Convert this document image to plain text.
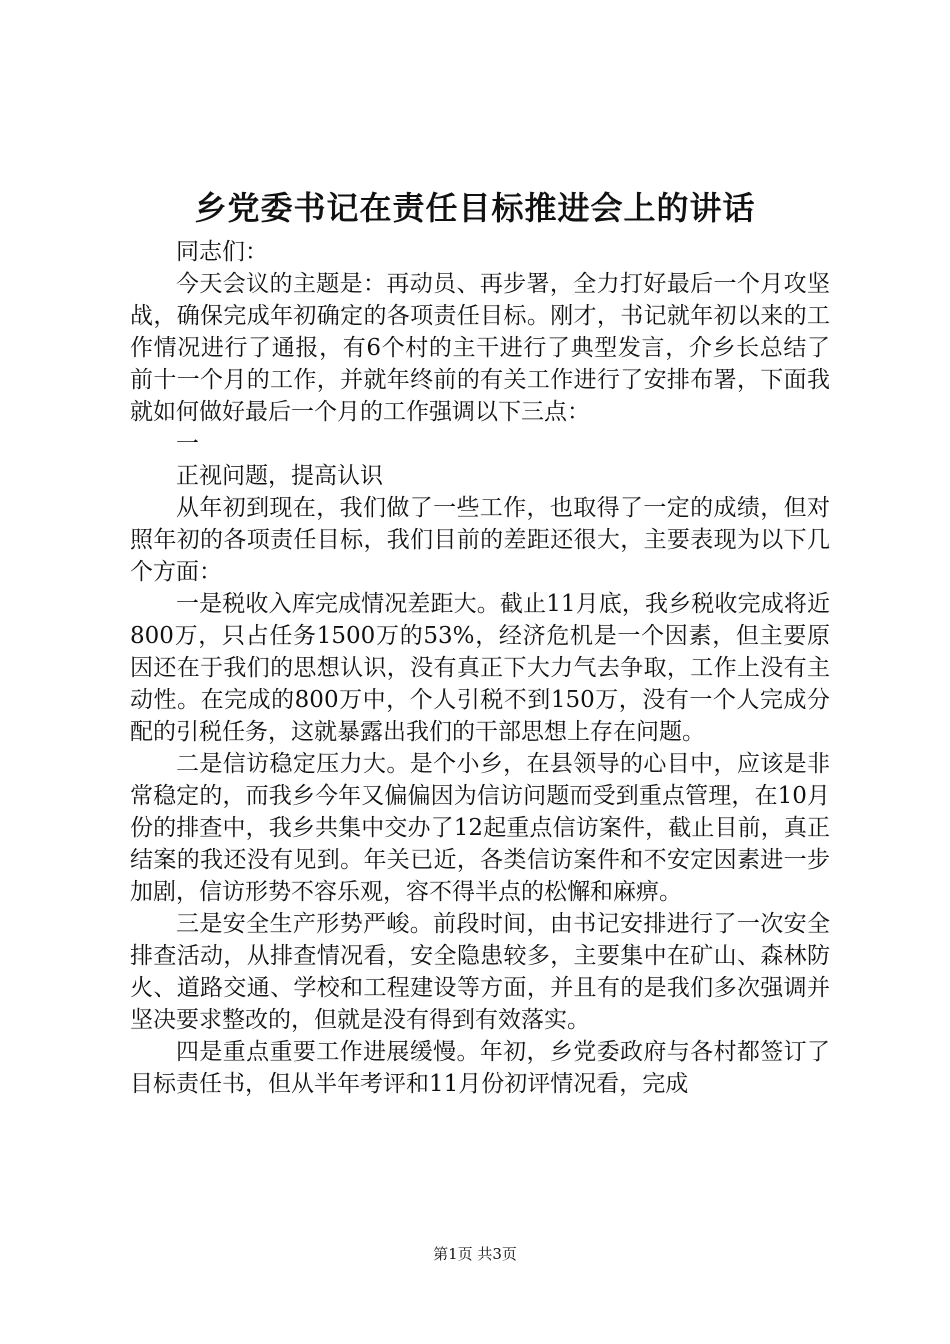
乡党委书记在责任目标推进会上的讲话

同志们：

今天会议的主题是：再动员、再步署，全力打好最后一个月攻坚战，确保完成年初确定的各项责任目标。刚才，书记就年初以来的工作情况进行了通报，有6个村的主干进行了典型发言，介乡长总结了前十一个月的工作，并就年终前的有关工作进行了安排布署，下面我就如何做好最后一个月的工作强调以下三点：

一

正视问题，提高认识

从年初到现在，我们做了一些工作，也取得了一定的成绩，但对照年初的各项责任目标，我们目前的差距还很大，主要表现为以下几个方面：

一是税收入库完成情况差距大。截止11月底，我乡税收完成将近800万，只占任务1500万的53%，经济危机是一个因素，但主要原因还在于我们的思想认识，没有真正下大力气去争取，工作上没有主动性。在完成的800万中，个人引税不到150万，没有一个人完成分配的引税任务，这就暴露出我们的干部思想上存在问题。

二是信访稳定压力大。是个小乡，在县领导的心目中，应该是非常稳定的，而我乡今年又偏偏因为信访问题而受到重点管理，在10月份的排查中，我乡共集中交办了12起重点信访案件，截止目前，真正结案的我还没有见到。年关已近，各类信访案件和不安定因素进一步加剧，信访形势不容乐观，容不得半点的松懈和麻痹。

三是安全生产形势严峻。前段时间，由书记安排进行了一次安全排查活动，从排查情况看，安全隐患较多，主要集中在矿山、森林防火、道路交通、学校和工程建设等方面，并且有的是我们多次强调并坚决要求整改的，但就是没有得到有效落实。

四是重点重要工作进展缓慢。年初，乡党委政府与各村都签订了目标责任书，但从半年考评和11月份初评情况看，完成

第1页 共3页
